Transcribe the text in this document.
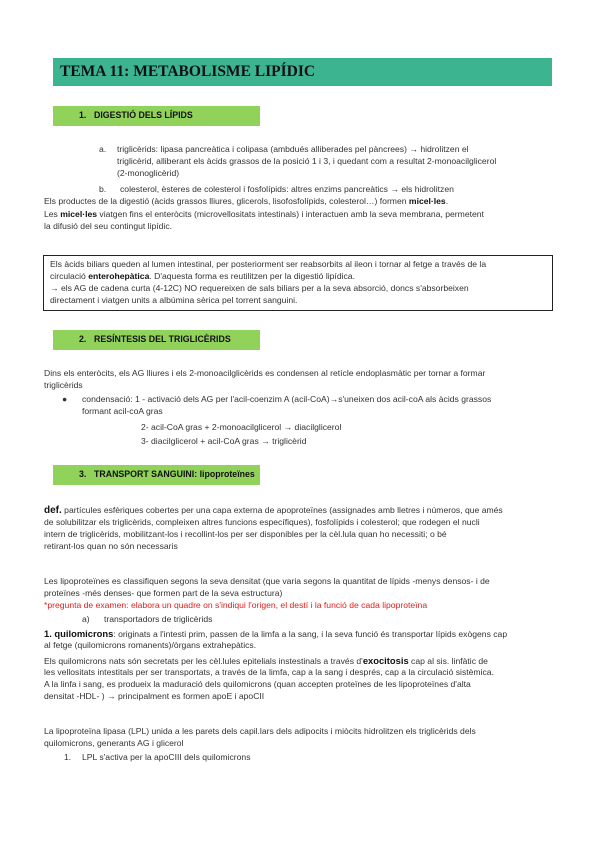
TEMA 11: METABOLISME LIPÍDIC
1. DIGESTIÓ DELS LÍPIDS
a. triglicèrids: lipasa pancreàtica i colipasa (ambdués alliberades pel pàncrees) → hidrolitzen el
triglicèrid, alliberant els àcids grassos de la posició 1 i 3, i quedant com a resultat 2-monoacilglicerol
(2-monoglicèrid)
b. colesterol, èsteres de colesterol i fosfolípids: altres enzims pancreàtics → els hidrolitzen
Els productes de la digestió (àcids grassos lliures, glicerols, lisofosfolípids, colesterol…) formen micel·les.
Les micel·les viatgen fins el enteròcits (microvellositats intestinals) i interactuen amb la seva membrana, permetent
la difusió del seu contingut lipídic.
Els àcids biliars queden al lumen intestinal, per posteriorment ser reabsorbits al ileon i tornar al fetge a través de la
circulació enterohepàtica. D'aquesta forma es reutilitzen per la digestió lipídica.
→ els AG de cadena curta (4-12C) NO requereixen de sals biliars per a la seva absorció, doncs s'absorbeixen
directament i viatgen units a albúmina sèrica pel torrent sanguini.
2. RESÍNTESIS DEL TRIGLICÈRIDS
Dins els enteròcits, els AG lliures i els 2-monoacilglicèrids es condensen al retícle endoplasmàtic per tornar a formar
triglicèrids
● condensació: 1 - activació dels AG per l'acil-coenzim A (acil-CoA)→s'uneixen dos acil-coA als àcids grassos
formant acil-coA gras
2- acil-CoA gras + 2-monoacilglicerol → diacilglicerol
3- diacilglicerol + acil-CoA gras → triglicèrid
3. TRANSPORT SANGUINI: lipoproteïnes
def. partícules esfèriques cobertes per una capa externa de apoproteïnes (assignades amb lletres i números, que amés
de solubilitzar els triglicèrids, compleixen altres funcions específiques), fosfolípids i colesterol; que rodegen el nucli
intern de triglicèrids, mobilitzant-los i recollint-los per ser disponibles per la cèl.lula quan ho necessiti; o bé
retirant-los quan no són necessaris
Les lipoproteïnes es classifiquen segons la seva densitat (que varia segons la quantitat de lípids -menys densos- i de
proteïnes -més denses- que formen part de la seva estructura)
*pregunta de examen: elabora un quadre on s'indiqui l'origen, el destí i la funció de cada lipoproteïna
a) transportadors de triglicèrids
1. quilomicrons: originats a l'intesti prim, passen de la limfa a la sang, i la seva funció és transportar lípids exògens cap
al fetge (quilomicrons romanents)/òrgans extrahepàtics.
Els quilomicrons nats són secretats per les cèl.lules epitelials instestinals a través d'exocitosis cap al sis. linfàtic de
les vellositats intestitals per ser transportats, a través de la limfa, cap a la sang i després, cap a la circulació sistèmica.
A la linfa i sang, es produeix la maduració dels quilomicrons (quan accepten proteïnes de les lipoproteïnes d'alta
densitat -HDL- ) → principalment es formen apoE i apoCII
La lipoproteïna lipasa (LPL) unida a les parets dels capil.lars dels adipocits i miòcits hidrolitzen els triglicèrids dels
quilomicrons, generants AG i glicerol
1. LPL s'activa per la apoCIII dels quilomicrons
